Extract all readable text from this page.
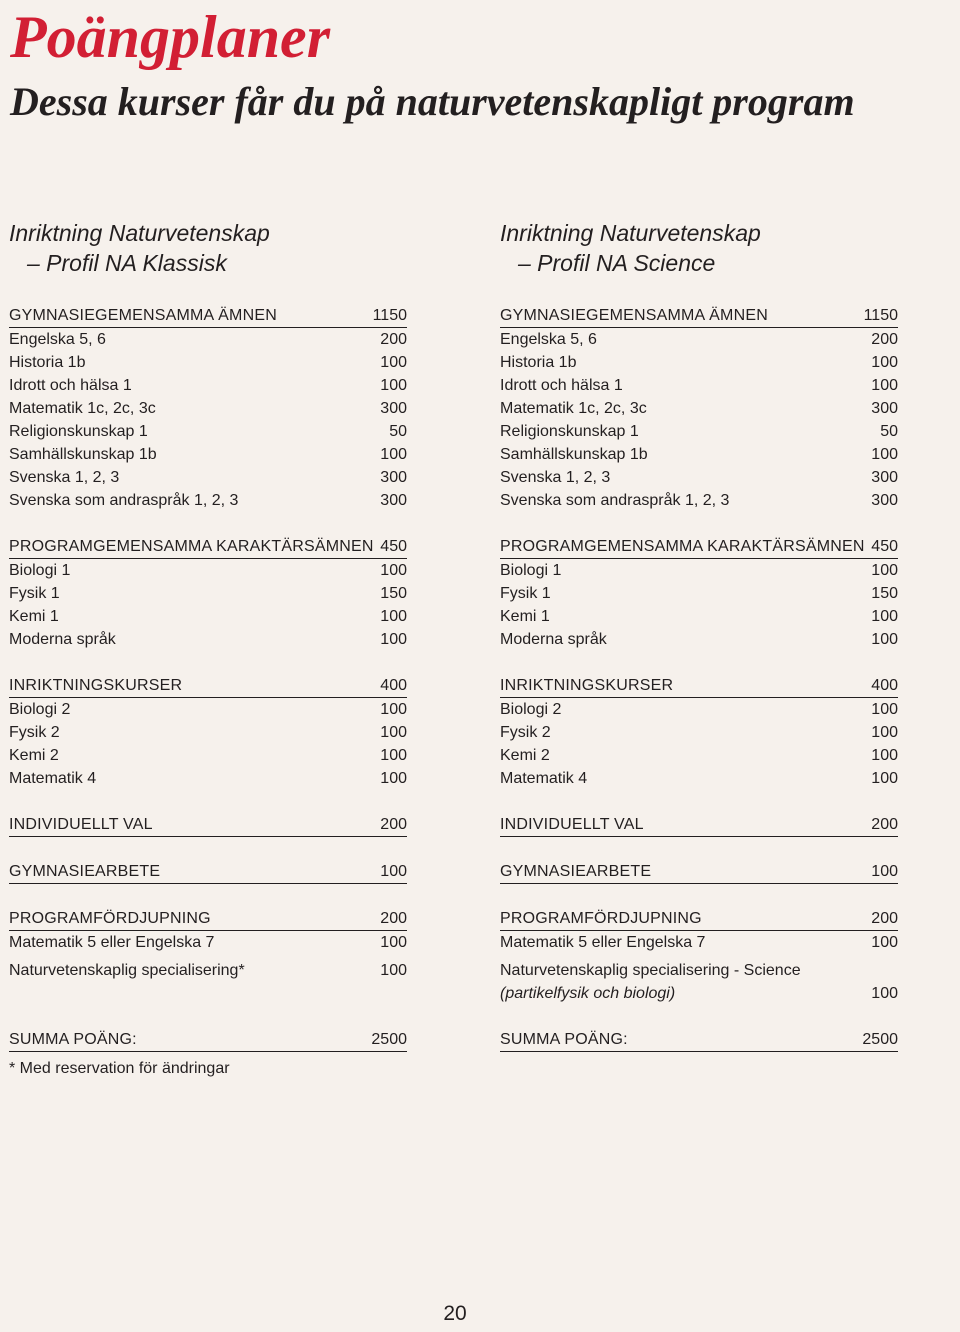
Poängplaner
Dessa kurser får du på naturvetenskapligt program
Inriktning Naturvetenskap
– Profil NA Klassisk
GYMNASIEGEMENSAMMA ÄMNEN	1150
Engelska 5, 6	200
Historia 1b	100
Idrott och hälsa 1	100
Matematik 1c, 2c, 3c	300
Religionskunskap 1	50
Samhällskunskap 1b	100
Svenska 1, 2, 3	300
Svenska som andraspråk 1, 2, 3	300
PROGRAMGEMENSAMMA KARAKTÄRSÄMNEN 450
Biologi 1	100
Fysik 1	150
Kemi 1	100
Moderna språk	100
INRIKTNINGSKURSER	400
Biologi 2	100
Fysik 2	100
Kemi 2	100
Matematik 4	100
INDIVIDUELLT VAL	200
GYMNASIEARBETE	100
PROGRAMFÖRDJUPNING	200
Matematik 5 eller Engelska 7	100
Naturvetenskaplig specialisering*	100
SUMMA POÄNG:	2500
* Med reservation för ändringar
Inriktning Naturvetenskap
– Profil NA Science
GYMNASIEGEMENSAMMA ÄMNEN	1150
Engelska 5, 6	200
Historia 1b	100
Idrott och hälsa 1	100
Matematik 1c, 2c, 3c	300
Religionskunskap 1	50
Samhällskunskap 1b	100
Svenska 1, 2, 3	300
Svenska som andraspråk 1, 2, 3	300
PROGRAMGEMENSAMMA KARAKTÄRSÄMNEN 450
Biologi 1	100
Fysik 1	150
Kemi 1	100
Moderna språk	100
INRIKTNINGSKURSER	400
Biologi 2	100
Fysik 2	100
Kemi 2	100
Matematik 4	100
INDIVIDUELLT VAL	200
GYMNASIEARBETE	100
PROGRAMFÖRDJUPNING	200
Matematik 5 eller Engelska 7	100
Naturvetenskaplig specialisering - Science
(partikelfysik och biologi)	100
SUMMA POÄNG:	2500
20
